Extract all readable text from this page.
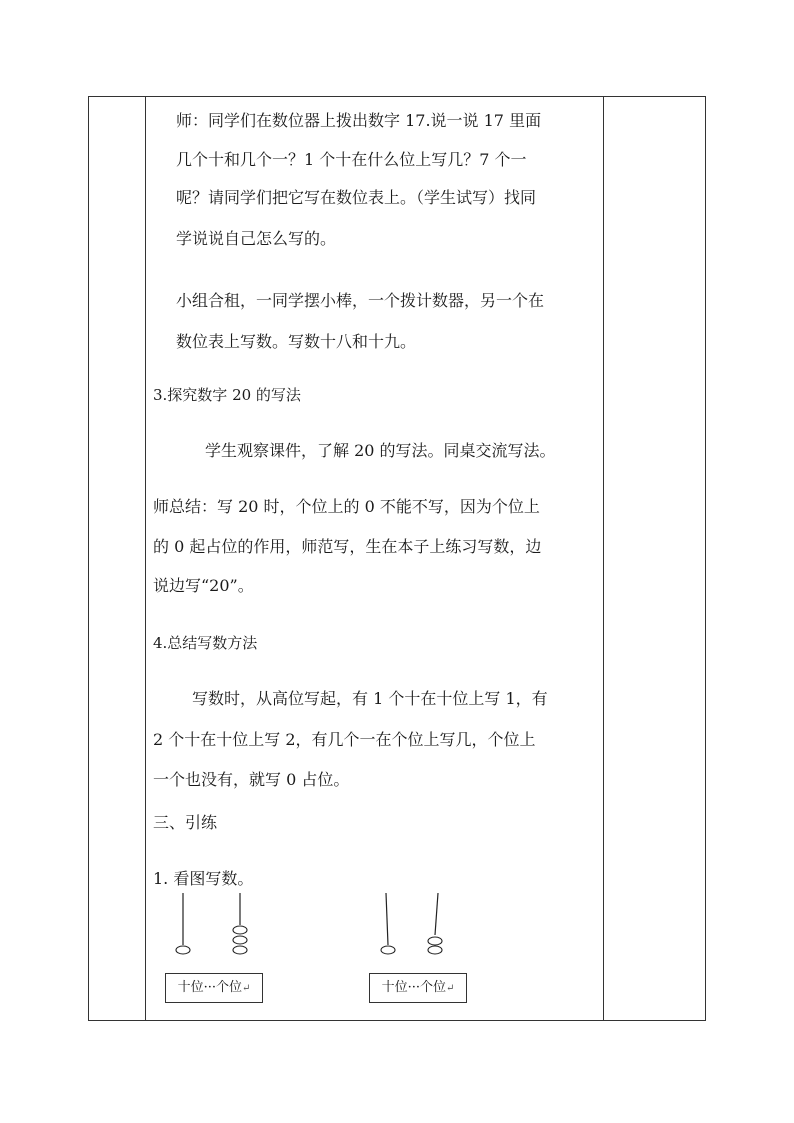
师：同学们在数位器上拨出数字 17.说一说 17 里面
几个十和几个一？1 个十在什么位上写几？7 个一
呢？请同学们把它写在数位表上。（学生试写）找同
学说说自己怎么写的。
小组合租，一同学摆小棒，一个拨计数器，另一个在
数位表上写数。写数十八和十九。
3.探究数字 20 的写法
学生观察课件，了解 20 的写法。同桌交流写法。
师总结：写 20 时，个位上的 0 不能不写，因为个位上
的 0 起占位的作用，师范写，生在本子上练习写数，边
说边写“20”。
4.总结写数方法
写数时，从高位写起，有 1 个十在十位上写 1，有
2 个十在十位上写 2，有几个一在个位上写几，个位上
一个也没有，就写 0 占位。
三、引练
1. 看图写数。
十位···个位↵	十位···个位↵
